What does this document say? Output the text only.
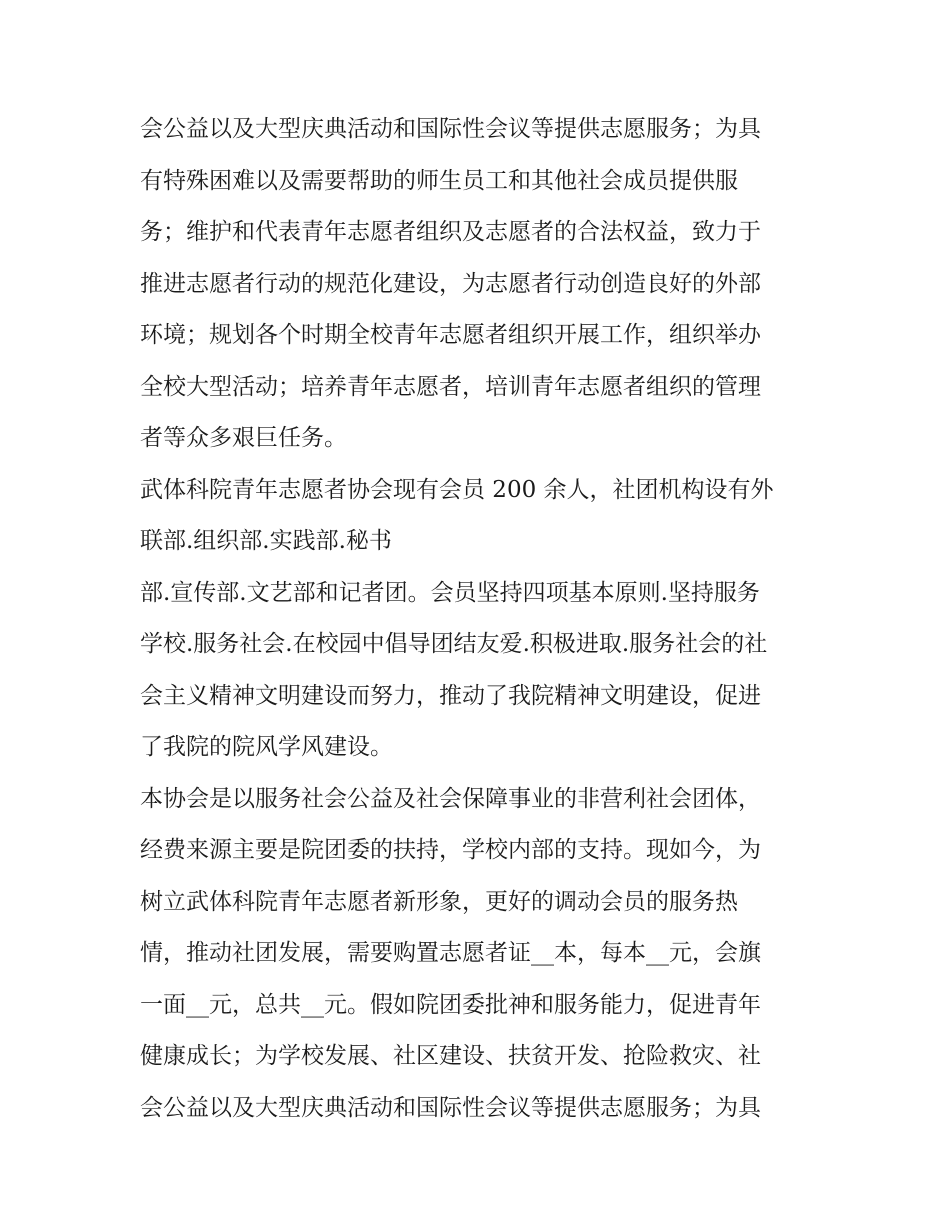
会公益以及大型庆典活动和国际性会议等提供志愿服务；为具
有特殊困难以及需要帮助的师生员工和其他社会成员提供服
务；维护和代表青年志愿者组织及志愿者的合法权益，致力于
推进志愿者行动的规范化建设，为志愿者行动创造良好的外部
环境；规划各个时期全校青年志愿者组织开展工作，组织举办
全校大型活动；培养青年志愿者，培训青年志愿者组织的管理
者等众多艰巨任务。
武体科院青年志愿者协会现有会员 200 余人，社团机构设有外
联部.组织部.实践部.秘书
部.宣传部.文艺部和记者团。会员坚持四项基本原则.坚持服务
学校.服务社会.在校园中倡导团结友爱.积极进取.服务社会的社
会主义精神文明建设而努力，推动了我院精神文明建设，促进
了我院的院风学风建设。
本协会是以服务社会公益及社会保障事业的非营利社会团体，
经费来源主要是院团委的扶持，学校内部的支持。现如今，为
树立武体科院青年志愿者新形象，更好的调动会员的服务热
情，推动社团发展，需要购置志愿者证__本，每本__元，会旗
一面__元，总共__元。假如院团委批神和服务能力，促进青年
健康成长；为学校发展、社区建设、扶贫开发、抢险救灾、社
会公益以及大型庆典活动和国际性会议等提供志愿服务；为具
